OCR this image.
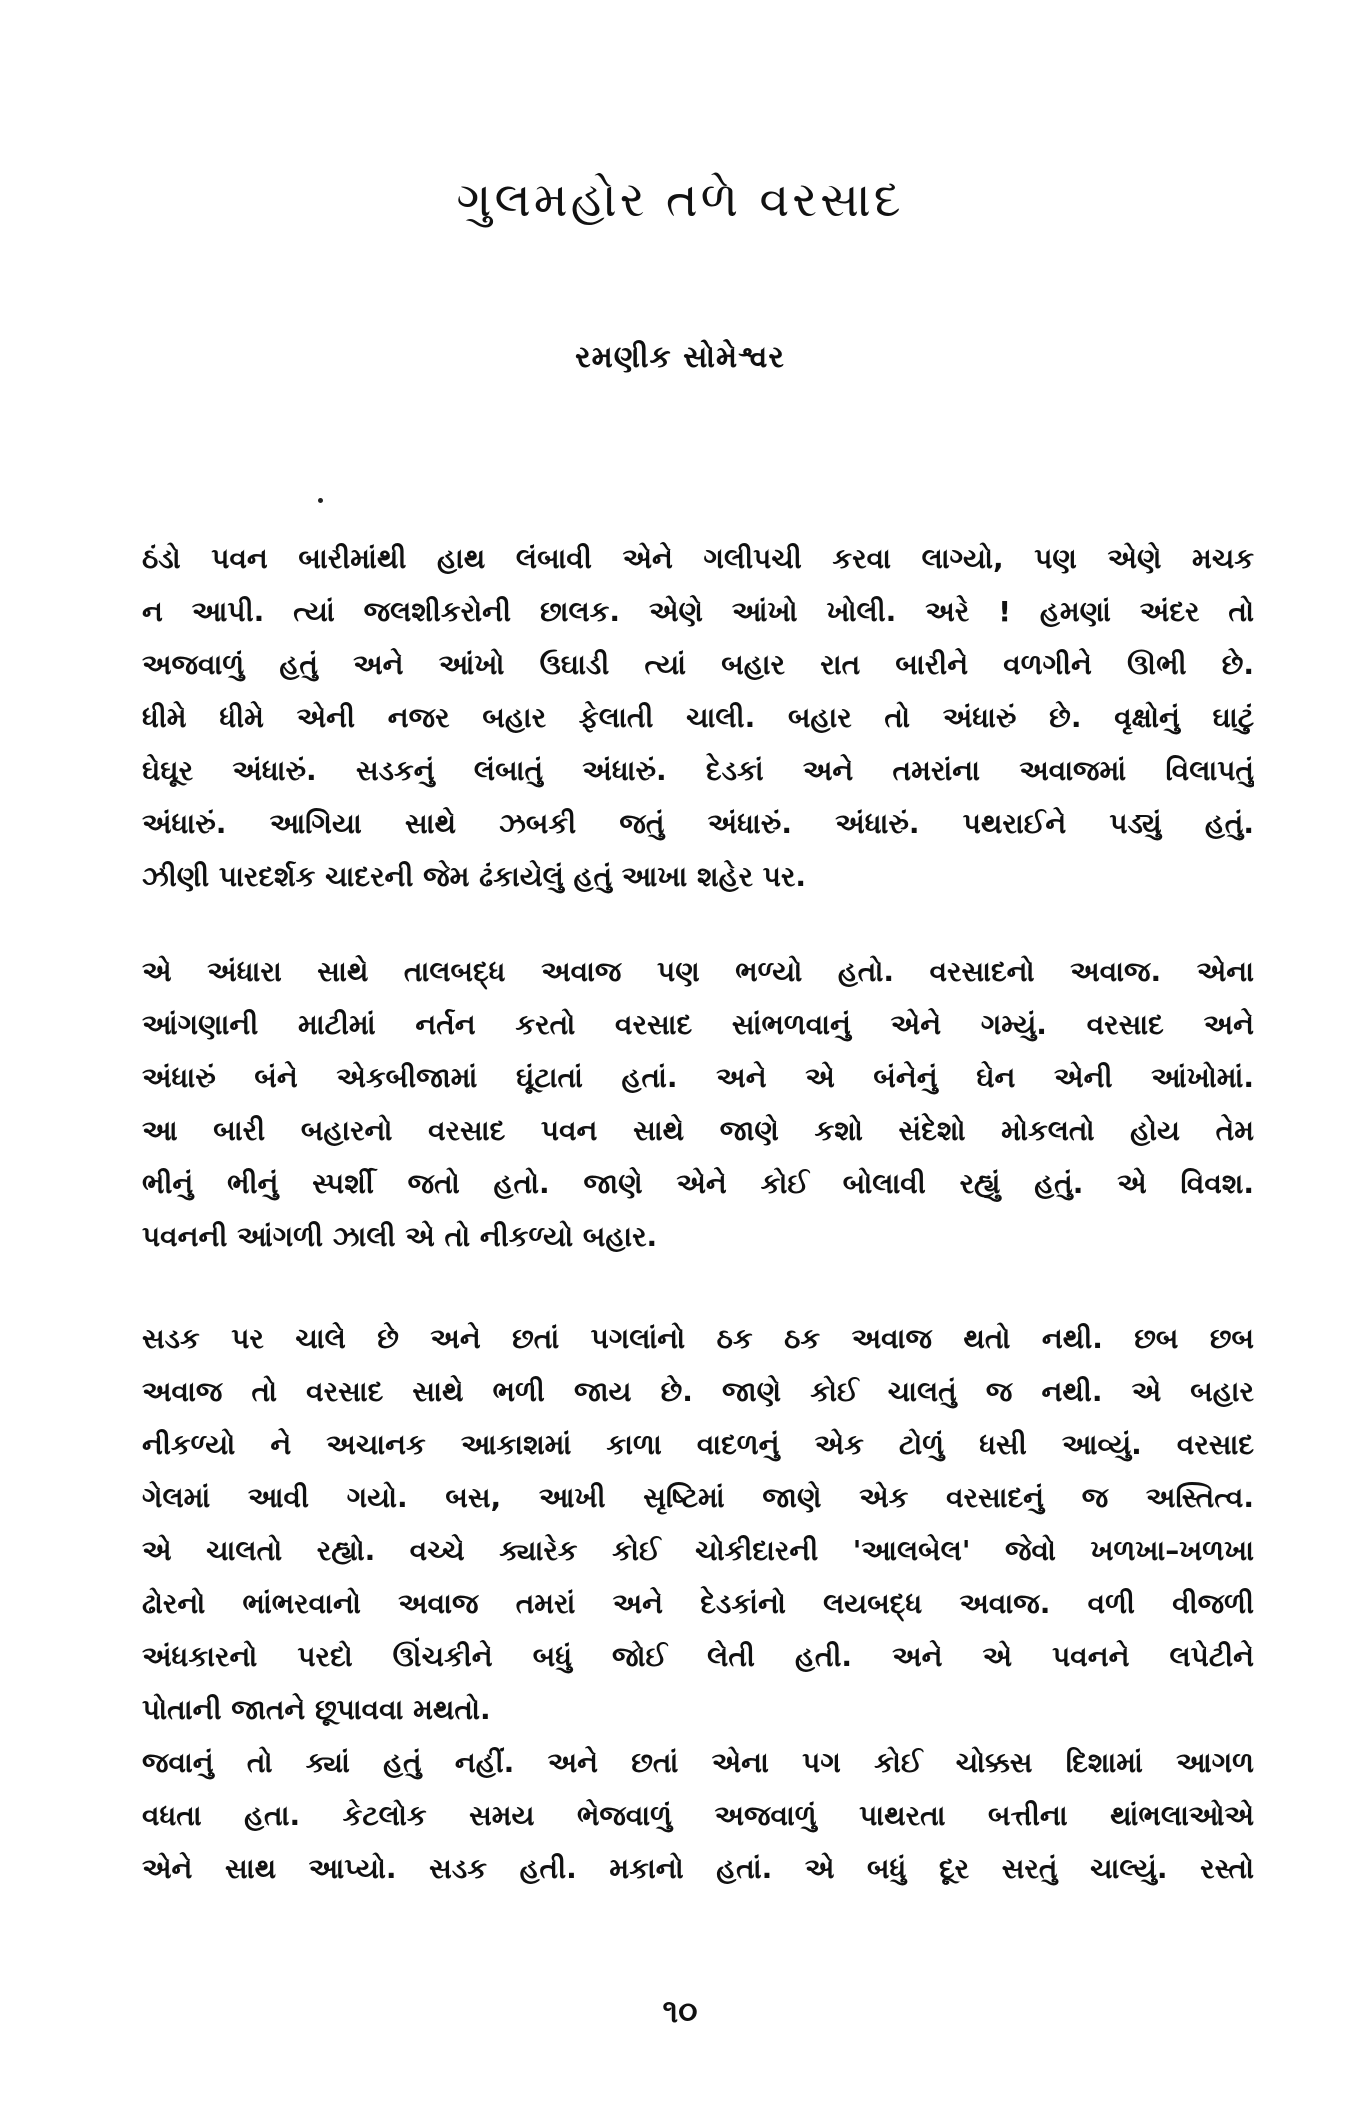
ગુલમહોર તળે વરસાદ
રમણીક સોમેશ્વર
ઠંડો પવન બારીમાંથી હાથ લંબાવી એને ગલીપચી કરવા લાગ્યો, પણ એણે મચક
ન આપી. ત્યાં જલશીકરોની છાલક. એણે આંખો ખોલી. અરે ! હમણાં અંદર તો
અજવાળું હતું અને આંખો ઉઘાડી ત્યાં બહાર રાત બારીને વળગીને ઊભી છે.
ધીમે ધીમે એની નજર બહાર ફેલાતી ચાલી. બહાર તો અંધારું છે. વૃક્ષોનું ઘાટું
ઘેઘૂર અંધારું. સડકનું લંબાતું અંધારું. દેડકાં અને તમરાંના અવાજમાં વિલાપતું
અંધારું. આગિયા સાથે ઝબકી જતું અંધારું. અંધારું. પથરાઈને પડ્યું હતું.
ઝીણી પારદર્શક ચાદરની જેમ ઢંકાયેલું હતું આખા શહેર પર.
એ અંધારા સાથે તાલબદ્ધ અવાજ પણ ભળ્યો હતો. વરસાદનો અવાજ. એના
આંગણાની માટીમાં નર્તન કરતો વરસાદ સાંભળવાનું એને ગમ્યું. વરસાદ અને
અંધારું બંને એકબીજામાં ઘૂંટાતાં હતાં. અને એ બંનેનું ઘેન એની આંખોમાં.
આ બારી બહારનો વરસાદ પવન સાથે જાણે કશો સંદેશો મોકલતો હોય તેમ
ભીનું ભીનું સ્પર્શી જતો હતો. જાણે એને કોઈ બોલાવી રહ્યું હતું. એ વિવશ.
પવનની આંગળી ઝાલી એ તો નીકળ્યો બહાર.
સડક પર ચાલે છે અને છતાં પગલાંનો ઠક ઠક અવાજ થતો નથી. છબ છબ
અવાજ તો વરસાદ સાથે ભળી જાય છે. જાણે કોઈ ચાલતું જ નથી. એ બહાર
નીકળ્યો ને અચાનક આકાશમાં કાળા વાદળનું એક ટોળું ધસી આવ્યું. વરસાદ
ગેલમાં આવી ગયો. બસ, આખી સૃષ્ટિમાં જાણે એક વરસાદનું જ અસ્તિત્વ.
એ ચાલતો રહ્યો. વચ્ચે ક્યારેક કોઈ ચોકીદારની 'આલબેલ' જેવો ખળખા–ખળખા
ઢોરનો ભાંભરવાનો અવાજ તમરાં અને દેડકાંનો લયબદ્ધ અવાજ. વળી વીજળી
અંધકારનો પરદો ઊંચકીને બધું જોઈ લેતી હતી. અને એ પવનને લપેટીને
પોતાની જાતને છૂપાવવા મથતો.
જવાનું તો ક્યાં હતું નહીં. અને છતાં એના પગ કોઈ ચોક્કસ દિશામાં આગળ
વધતા હતા. કેટલોક સમય ભેજવાળું અજવાળું પાથરતા બત્તીના થાંભલાઓએ
એને સાથ આપ્યો. સડક હતી. મકાનો હતાં. એ બધું દૂર સરતું ચાલ્યું. રસ્તો
૧૦
